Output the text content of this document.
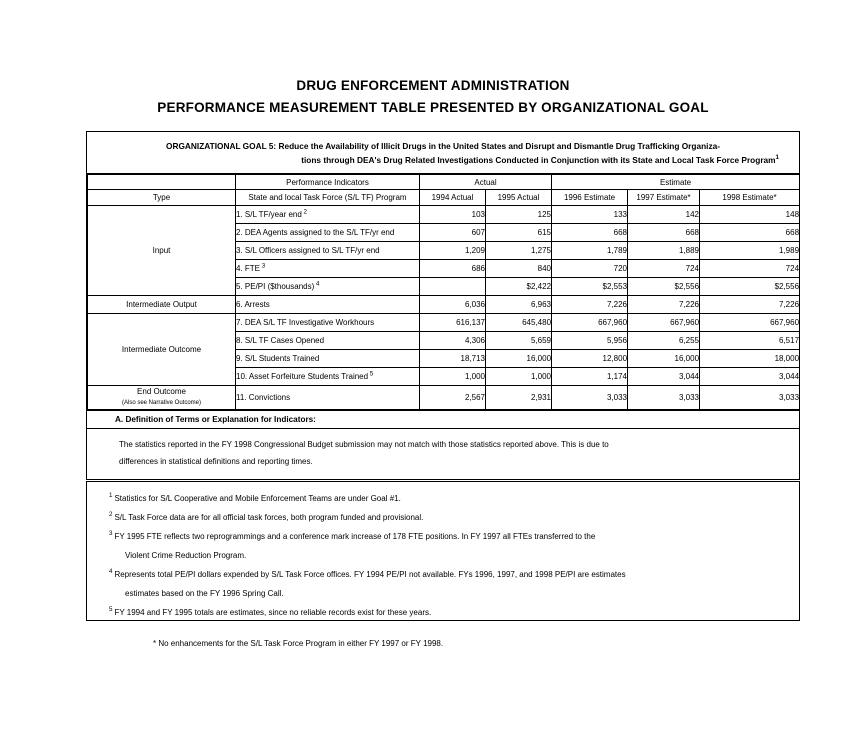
DRUG ENFORCEMENT ADMINISTRATION
PERFORMANCE MEASUREMENT TABLE PRESENTED BY ORGANIZATIONAL GOAL
ORGANIZATIONAL GOAL 5: Reduce the Availability of Illicit Drugs in the United States and Disrupt and Dismantle Drug Trafficking Organiza-
tions through DEA's Drug Related Investigations Conducted in Conjunction with its State and Local Task Force Program$^1$
	Performance Indicators	Actual		Estimate		
Type	State and local Task Force (S/L TF) Program	1994 Actual	1995 Actual	1996 Estimate	1997 Estimate*	1998 Estimate*
Input	1. S/L TF/year end $^2$	103	125	133	142	148
	2. DEA Agents assigned to the S/L TF/yr end	607	615	668	668	668
	3. S/L Officers assigned to S/L TF/yr end	1,209	1,275	1,789	1,889	1,989
	4. FTE $^3$	686	840	720	724	724
	5. PE/PI ($thousands) $^4$		$2,422	$2,553	$2,556	$2,556
Intermediate Output	6. Arrests	6,036	6,963	7,226	7,226	7,226
Intermediate Outcome	7. DEA S/L TF Investigative Workhours	616,137	645,480	667,960	667,960	667,960
	8. S/L TF Cases Opened	4,306	5,659	5,956	6,255	6,517
	9. S/L Students Trained	18,713	16,000	12,800	16,000	18,000
	10. Asset Forfeiture Students Trained $^5$	1,000	1,000	1,174	3,044	3,044
End Outcome
(Also see Narrative Outcome)	11. Convictions	2,567	2,931	3,033	3,033	3,033
A. Definition of Terms or Explanation for Indicators:
The statistics reported in the FY 1998 Congressional Budget submission may not match with those statistics reported above. This is due to
differences in statistical definitions and reporting times.
$^1$ Statistics for S/L Cooperative and Mobile Enforcement Teams are under Goal #1.
$^2$ S/L Task Force data are for all official task forces, both program funded and provisional.
$^3$ FY 1995 FTE reflects two reprogrammings and a conference mark increase of 178 FTE positions. In FY 1997 all FTEs transferred to the
Violent Crime Reduction Program.
$^4$ Represents total PE/PI dollars expended by S/L Task Force offices. FY 1994 PE/PI not available. FYs 1996, 1997, and 1998 PE/PI are estimates
estimates based on the FY 1996 Spring Call.
$^5$ FY 1994 and FY 1995 totals are estimates, since no reliable records exist for these years.
* No enhancements for the S/L Task Force Program in either FY 1997 or FY 1998.
